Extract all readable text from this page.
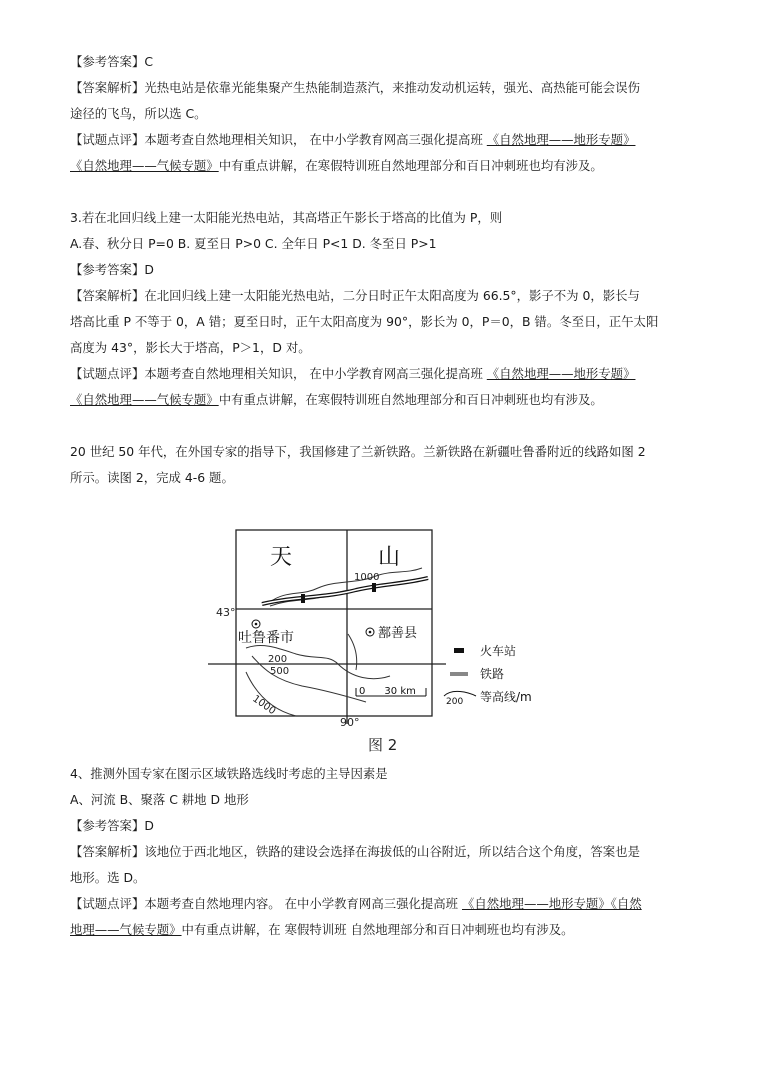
【参考答案】C
【答案解析】光热电站是依靠光能集聚产生热能制造蒸汽，来推动发动机运转，强光、高热能可能会误伤
途径的飞鸟，所以选 C。
【试题点评】本题考查自然地理相关知识， 在中小学教育网高三强化提高班 《自然地理——地形专题》
《自然地理——气候专题》中有重点讲解，在寒假特训班自然地理部分和百日冲刺班也均有涉及。
3.若在北回归线上建一太阳能光热电站，其高塔正午影长于塔高的比值为 P，则
A.春、秋分日 P=0 B. 夏至日 P>0 C. 全年日 P<1 D. 冬至日 P>1
【参考答案】D
【答案解析】在北回归线上建一太阳能光热电站，二分日时正午太阳高度为 66.5°，影子不为 0，影长与
塔高比重 P 不等于 0，A 错；夏至日时，正午太阳高度为 90°，影长为 0，P＝0，B 错。冬至日，正午太阳
高度为 43°，影长大于塔高，P＞1，D 对。
【试题点评】本题考查自然地理相关知识， 在中小学教育网高三强化提高班 《自然地理——地形专题》
《自然地理——气候专题》中有重点讲解，在寒假特训班自然地理部分和百日冲刺班也均有涉及。
20 世纪 50 年代，在外国专家的指导下，我国修建了兰新铁路。兰新铁路在新疆吐鲁番附近的线路如图 2
所示。读图 2，完成 4-6 题。
天	山
1000
43°
90°
吐鲁番市	鄯善县
200
500
1000
0      30 km
火车站
铁路
200 等高线/m
图 2
4、推测外国专家在图示区域铁路选线时考虑的主导因素是
A、河流 B、聚落 C 耕地 D 地形
【参考答案】D
【答案解析】该地位于西北地区，铁路的建设会选择在海拔低的山谷附近，所以结合这个角度，答案也是
地形。选 D。
【试题点评】本题考查自然地理内容。 在中小学教育网高三强化提高班 《自然地理——地形专题》《自然
地理——气候专题》中有重点讲解，在 寒假特训班 自然地理部分和百日冲刺班也均有涉及。
